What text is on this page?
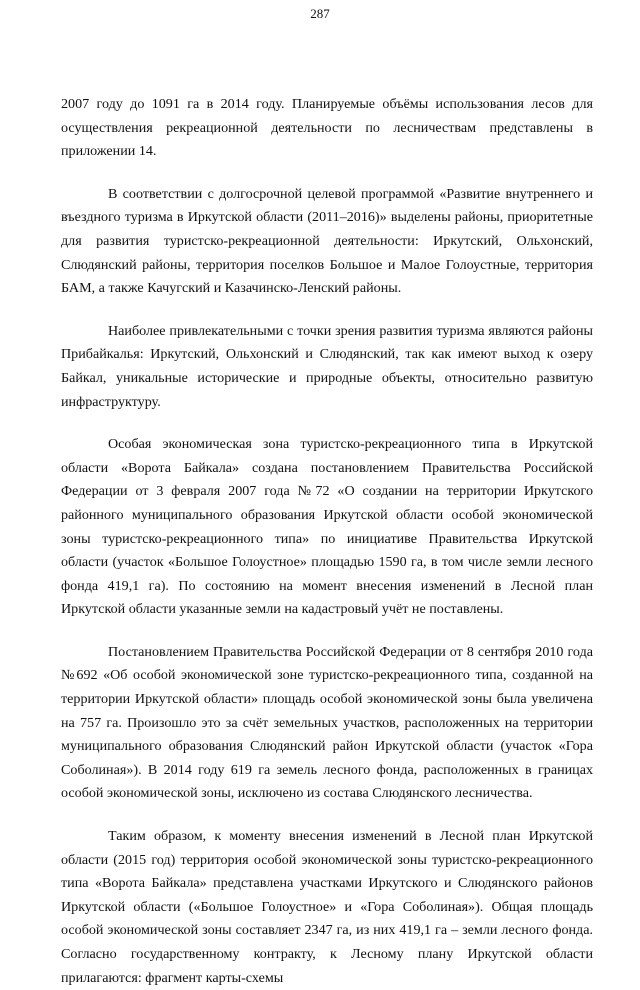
287

2007 году до 1091 га в 2014 году. Планируемые объёмы использования лесов для осуществления рекреационной деятельности по лесничествам представлены в приложении 14.

В соответствии с долгосрочной целевой программой «Развитие внутреннего и въездного туризма в Иркутской области (2011–2016)» выделены районы, приоритетные для развития туристско-рекреационной деятельности: Иркутский, Ольхонский, Слюдянский районы, территория поселков Большое и Малое Голоустные, территория БАМ, а также Качугский и Казачинско-Ленский районы.

Наиболее привлекательными с точки зрения развития туризма являются районы Прибайкалья: Иркутский, Ольхонский и Слюдянский, так как имеют выход к озеру Байкал, уникальные исторические и природные объекты, относительно развитую инфраструктуру.

Особая экономическая зона туристско-рекреационного типа в Иркутской области «Ворота Байкала» создана постановлением Правительства Российской Федерации от 3 февраля 2007 года №72 «О создании на территории Иркутского районного муниципального образования Иркутской области особой экономической зоны туристско-рекреационного типа» по инициативе Правительства Иркутской области (участок «Большое Голоустное» площадью 1590 га, в том числе земли лесного фонда 419,1 га). По состоянию на момент внесения изменений в Лесной план Иркутской области указанные земли на кадастровый учёт не поставлены.

Постановлением Правительства Российской Федерации от 8 сентября 2010 года №692 «Об особой экономической зоне туристско-рекреационного типа, созданной на территории Иркутской области» площадь особой экономической зоны была увеличена на 757 га. Произошло это за счёт земельных участков, расположенных на территории муниципального образования Слюдянский район Иркутской области (участок «Гора Соболиная»). В 2014 году 619 га земель лесного фонда, расположенных в границах особой экономической зоны, исключено из состава Слюдянского лесничества.

Таким образом, к моменту внесения изменений в Лесной план Иркутской области (2015 год) территория особой экономической зоны туристско-рекреационного типа «Ворота Байкала» представлена участками Иркутского и Слюдянского районов Иркутской области («Большое Голоустное» и «Гора Соболиная»). Общая площадь особой экономической зоны составляет 2347 га, из них 419,1 га – земли лесного фонда. Согласно государственному контракту, к Лесному плану Иркутской области прилагаются: фрагмент карты-схемы
